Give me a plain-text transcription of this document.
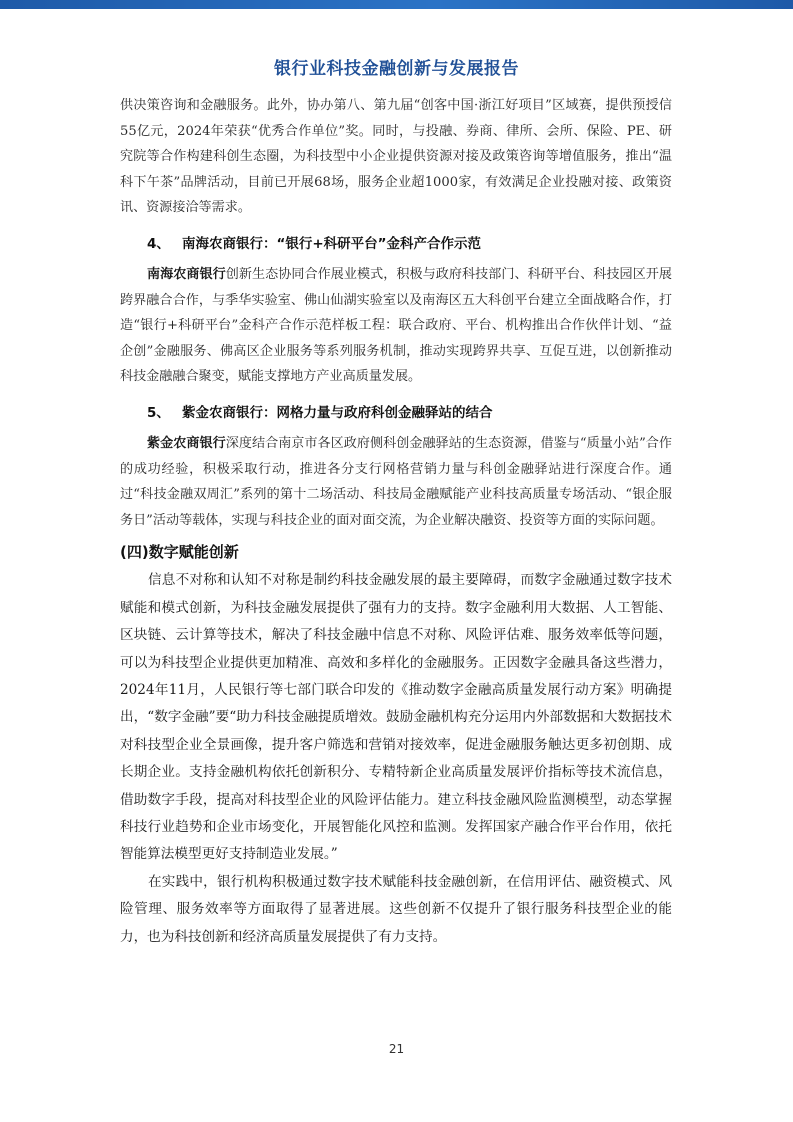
银行业科技金融创新与发展报告

供决策咨询和金融服务。此外，协办第八、第九届“创客中国·浙江好项目”区域赛，提供预授信55亿元，2024年荣获“优秀合作单位”奖。同时，与投融、券商、律所、会所、保险、PE、研究院等合作构建科创生态圈，为科技型中小企业提供资源对接及政策咨询等增值服务，推出“温科下午茶”品牌活动，目前已开展68场，服务企业超1000家，有效满足企业投融对接、政策资讯、资源接洽等需求。

4、 南海农商银行：“银行+科研平台”金科产合作示范

南海农商银行创新生态协同合作展业模式，积极与政府科技部门、科研平台、科技园区开展跨界融合合作，与季华实验室、佛山仙湖实验室以及南海区五大科创平台建立全面战略合作，打造“银行+科研平台”金科产合作示范样板工程：联合政府、平台、机构推出合作伙伴计划、“益企创”金融服务、佛高区企业服务等系列服务机制，推动实现跨界共享、互促互进，以创新推动科技金融融合聚变，赋能支撑地方产业高质量发展。

5、 紫金农商银行：网格力量与政府科创金融驿站的结合

紫金农商银行深度结合南京市各区政府侧科创金融驿站的生态资源，借鉴与“质量小站”合作的成功经验，积极采取行动，推进各分支行网格营销力量与科创金融驿站进行深度合作。通过“科技金融双周汇”系列的第十二场活动、科技局金融赋能产业科技高质量专场活动、“银企服务日”活动等载体，实现与科技企业的面对面交流，为企业解决融资、投资等方面的实际问题。

(四)数字赋能创新

信息不对称和认知不对称是制约科技金融发展的最主要障碍，而数字金融通过数字技术赋能和模式创新，为科技金融发展提供了强有力的支持。数字金融利用大数据、人工智能、区块链、云计算等技术，解决了科技金融中信息不对称、风险评估难、服务效率低等问题，可以为科技型企业提供更加精准、高效和多样化的金融服务。正因数字金融具备这些潜力，2024年11月，人民银行等七部门联合印发的《推动数字金融高质量发展行动方案》明确提出，“数字金融”要“助力科技金融提质增效。鼓励金融机构充分运用内外部数据和大数据技术对科技型企业全景画像，提升客户筛选和营销对接效率，促进金融服务触达更多初创期、成长期企业。支持金融机构依托创新积分、专精特新企业高质量发展评价指标等技术流信息，借助数字手段，提高对科技型企业的风险评估能力。建立科技金融风险监测模型，动态掌握科技行业趋势和企业市场变化，开展智能化风控和监测。发挥国家产融合作平台作用，依托智能算法模型更好支持制造业发展。”

在实践中，银行机构积极通过数字技术赋能科技金融创新，在信用评估、融资模式、风险管理、服务效率等方面取得了显著进展。这些创新不仅提升了银行服务科技型企业的能力，也为科技创新和经济高质量发展提供了有力支持。

21
